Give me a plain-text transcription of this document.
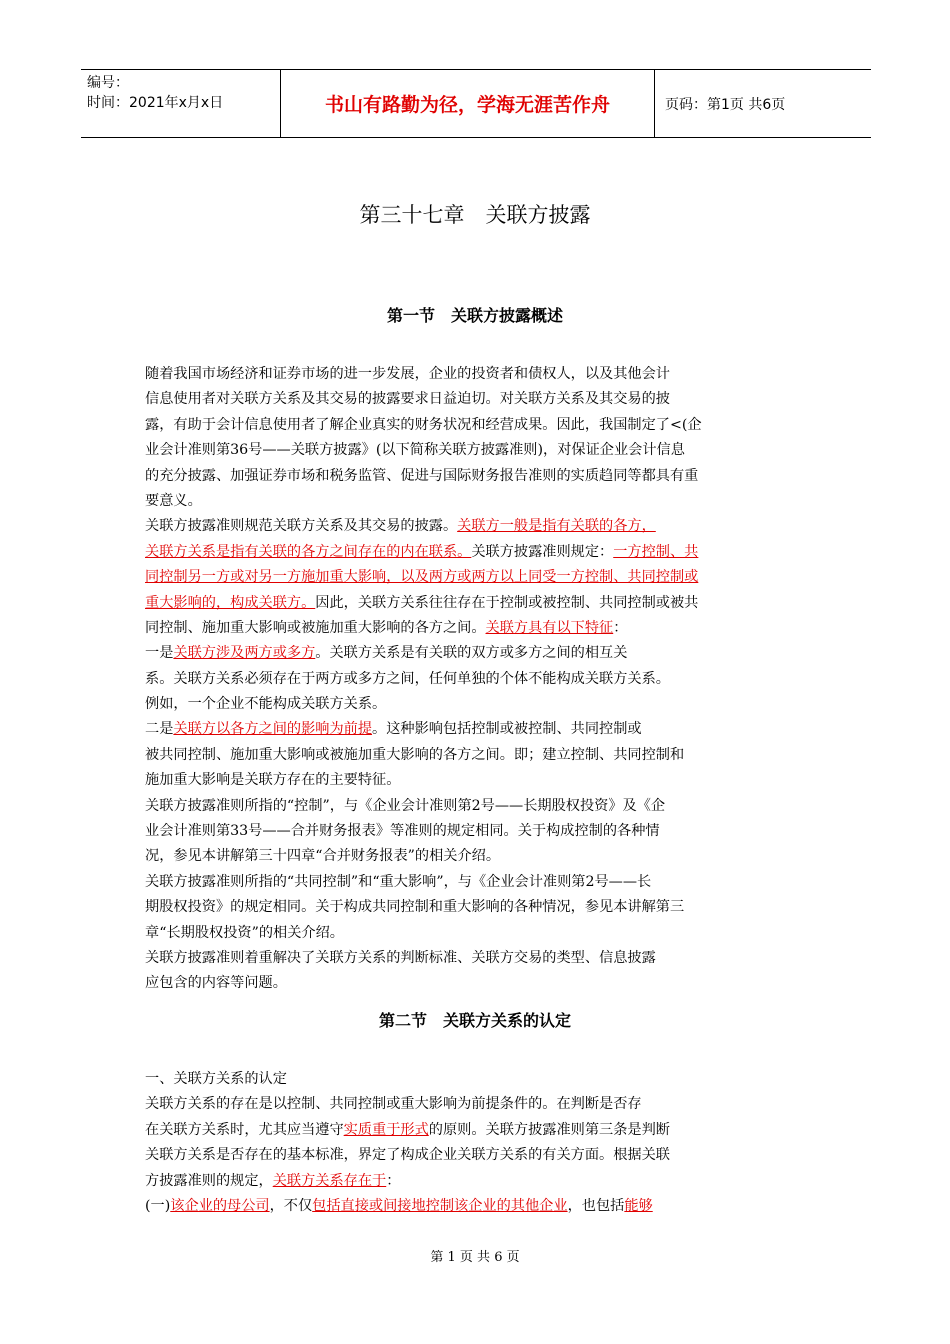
编号：
时间：2021年x月x日	书山有路勤为径，学海无涯苦作舟	页码：第1页 共6页
第三十七章　关联方披露
第一节　关联方披露概述
随着我国市场经济和证券市场的进一步发展，企业的投资者和债权人，以及其他会计
信息使用者对关联方关系及其交易的披露要求日益迫切。对关联方关系及其交易的披
露，有助于会计信息使用者了解企业真实的财务状况和经营成果。因此，我国制定了<(企
业会计准则第36号——关联方披露》(以下简称关联方披露准则)，对保证企业会计信息
的充分披露、加强证券市场和税务监管、促进与国际财务报告准则的实质趋同等都具有重
要意义。
关联方披露准则规范关联方关系及其交易的披露。关联方一般是指有关联的各方，
关联方关系是指有关联的各方之间存在的内在联系。关联方披露准则规定：一方控制、共
同控制另一方或对另一方施加重大影响，以及两方或两方以上同受一方控制、共同控制或
重大影响的，构成关联方。因此，关联方关系往往存在于控制或被控制、共同控制或被共
同控制、施加重大影响或被施加重大影响的各方之间。关联方具有以下特征：
一是关联方涉及两方或多方。关联方关系是有关联的双方或多方之间的相互关
系。关联方关系必须存在于两方或多方之间，任何单独的个体不能构成关联方关系。
例如，一个企业不能构成关联方关系。
二是关联方以各方之间的影响为前提。这种影响包括控制或被控制、共同控制或
被共同控制、施加重大影响或被施加重大影响的各方之间。即；建立控制、共同控制和
施加重大影响是关联方存在的主要特征。
关联方披露准则所指的“控制”，与《企业会计准则第2号——长期股权投资》及《企
业会计准则第33号——合并财务报表》等准则的规定相同。关于构成控制的各种情
况，参见本讲解第三十四章“合并财务报表”的相关介绍。
关联方披露准则所指的“共同控制”和“重大影响”，与《企业会计准则第2号——长
期股权投资》的规定相同。关于构成共同控制和重大影响的各种情况，参见本讲解第三
章“长期股权投资”的相关介绍。
关联方披露准则着重解决了关联方关系的判断标准、关联方交易的类型、信息披露
应包含的内容等问题。
第二节　关联方关系的认定
一、关联方关系的认定
关联方关系的存在是以控制、共同控制或重大影响为前提条件的。在判断是否存
在关联方关系时，尤其应当遵守实质重于形式的原则。关联方披露准则第三条是判断
关联方关系是否存在的基本标准，界定了构成企业关联方关系的有关方面。根据关联
方披露准则的规定，关联方关系存在于：
(一)该企业的母公司，不仅包括直接或间接地控制该企业的其他企业，也包括能够
第 1 页 共 6 页
